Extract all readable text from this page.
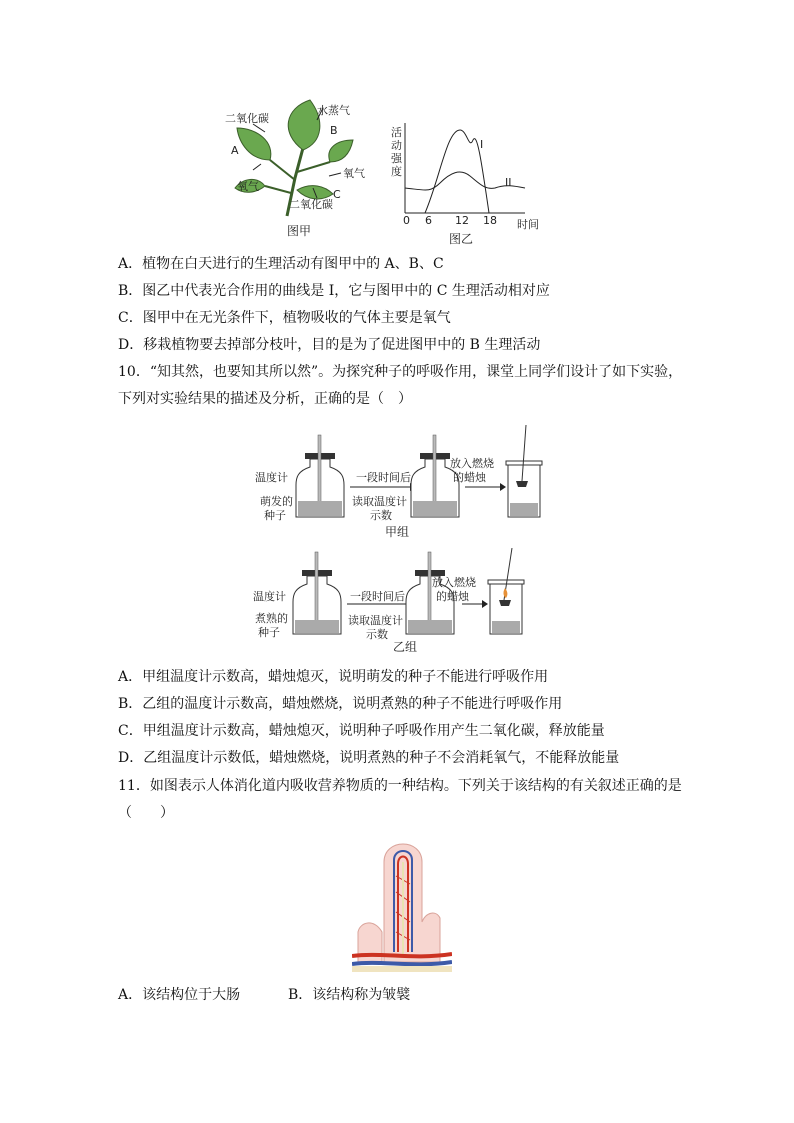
二氧化碳
水蒸气
B
A
氧气
氧气
二氧化碳
C
图甲
活动强度
I
II
0 6 12 18 时间
图乙
A．植物在白天进行的生理活动有图甲中的 A、B、C
B．图乙中代表光合作用的曲线是 I，它与图甲中的 C 生理活动相对应
C．图甲中在无光条件下，植物吸收的气体主要是氧气
D．移栽植物要去掉部分枝叶，目的是为了促进图甲中的 B 生理活动
10．“知其然，也要知其所以然”。为探究种子的呼吸作用，课堂上同学们设计了如下实验，
下列对实验结果的描述及分析，正确的是（　）
温度计
萌发的
种子
一段时间后
读取温度计
示数
放入燃烧
的蜡烛
甲组
温度计
煮熟的
种子
一段时间后
读取温度计
示数
放入燃烧
的蜡烛
乙组
A．甲组温度计示数高，蜡烛熄灭，说明萌发的种子不能进行呼吸作用
B．乙组的温度计示数高，蜡烛燃烧，说明煮熟的种子不能进行呼吸作用
C．甲组温度计示数高，蜡烛熄灭，说明种子呼吸作用产生二氧化碳，释放能量
D．乙组温度计示数低，蜡烛燃烧，说明煮熟的种子不会消耗氧气，不能释放能量
11．如图表示人体消化道内吸收营养物质的一种结构。下列关于该结构的有关叙述正确的是
（　　）
A．该结构位于大肠	B．该结构称为皱襞
